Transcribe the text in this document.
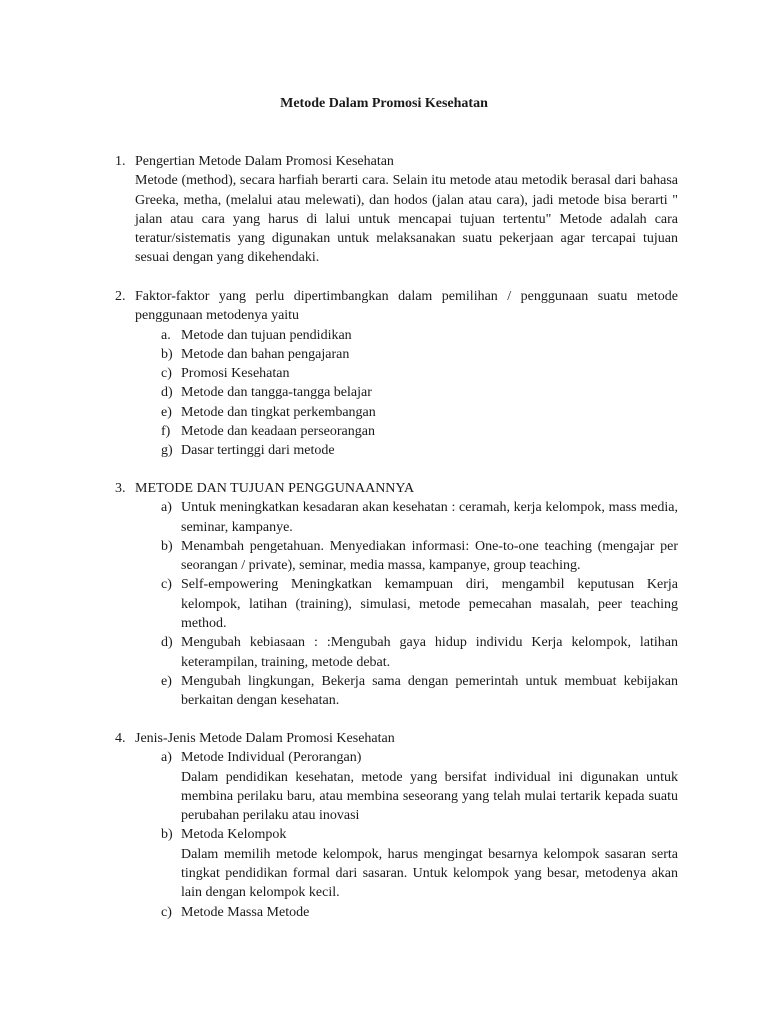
Metode Dalam Promosi Kesehatan
1. Pengertian Metode Dalam Promosi Kesehatan
Metode (method), secara harfiah berarti cara. Selain itu metode atau metodik berasal dari bahasa Greeka, metha, (melalui atau melewati), dan hodos (jalan atau cara), jadi metode bisa berarti " jalan atau cara yang harus di lalui untuk mencapai tujuan tertentu" Metode adalah cara teratur/sistematis yang digunakan untuk melaksanakan suatu pekerjaan agar tercapai tujuan sesuai dengan yang dikehendaki.
2. Faktor-faktor yang perlu dipertimbangkan dalam pemilihan / penggunaan suatu metode penggunaan metodenya yaitu
a. Metode dan tujuan pendidikan
b) Metode dan bahan pengajaran
c) Promosi Kesehatan
d) Metode dan tangga-tangga belajar
e) Metode dan tingkat perkembangan
f) Metode dan keadaan perseorangan
g) Dasar tertinggi dari metode
3. METODE DAN TUJUAN PENGGUNAANNYA
a) Untuk meningkatkan kesadaran akan kesehatan : ceramah, kerja kelompok, mass media, seminar, kampanye.
b) Menambah pengetahuan. Menyediakan informasi: One-to-one teaching (mengajar per seorangan / private), seminar, media massa, kampanye, group teaching.
c) Self-empowering Meningkatkan kemampuan diri, mengambil keputusan Kerja kelompok, latihan (training), simulasi, metode pemecahan masalah, peer teaching method.
d) Mengubah kebiasaan : :Mengubah gaya hidup individu Kerja kelompok, latihan keterampilan, training, metode debat.
e) Mengubah lingkungan, Bekerja sama dengan pemerintah untuk membuat kebijakan berkaitan dengan kesehatan.
4. Jenis-Jenis Metode Dalam Promosi Kesehatan
a) Metode Individual (Perorangan)
Dalam pendidikan kesehatan, metode yang bersifat individual ini digunakan untuk membina perilaku baru, atau membina seseorang yang telah mulai tertarik kepada suatu perubahan perilaku atau inovasi
b) Metoda Kelompok
Dalam memilih metode kelompok, harus mengingat besarnya kelompok sasaran serta tingkat pendidikan formal dari sasaran. Untuk kelompok yang besar, metodenya akan lain dengan kelompok kecil.
c) Metode Massa Metode
